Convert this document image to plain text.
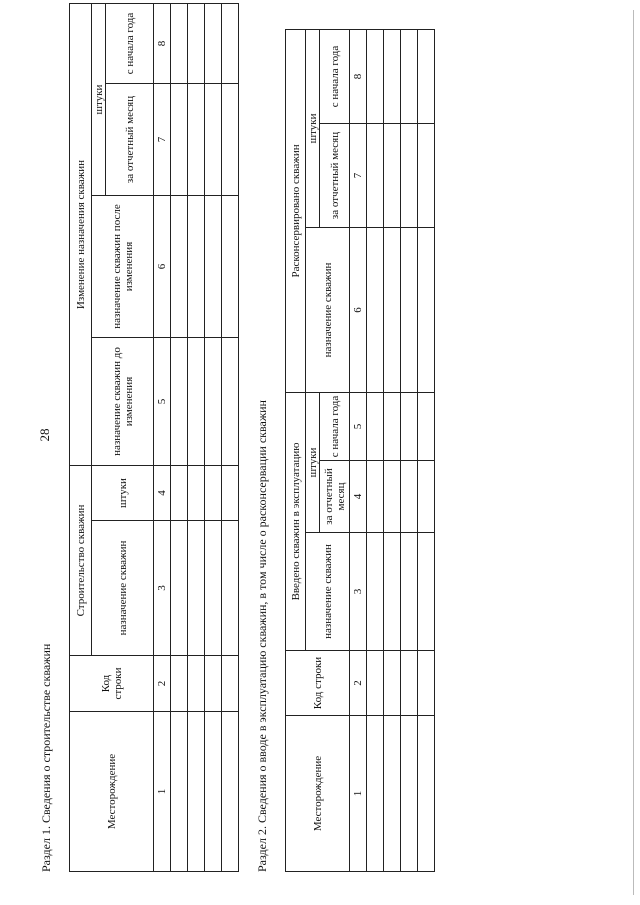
28
Раздел 1. Сведения о строительстве скважин	Месторождение	Код строки	Строительство скважин		Изменение назначения скважин			
		назначение скважин	штуки	назначение скважин до изменения	назначение скважин после изменения	штуки	
						за отчетный месяц	с начала года
1	2	3	4	5	6	7	8

Раздел 2. Сведения о вводе в эксплуатацию скважин, в том числе о расконсервации скважин	Месторождение	Код строки	Введено скважин в эксплуатацию			Расконсервировано скважин		
		назначение скважин	штуки		назначение скважин	штуки	
			за отчетный месяц	с начала года		за отчетный месяц	с начала года
1	2	3	4	5	6	7	8
